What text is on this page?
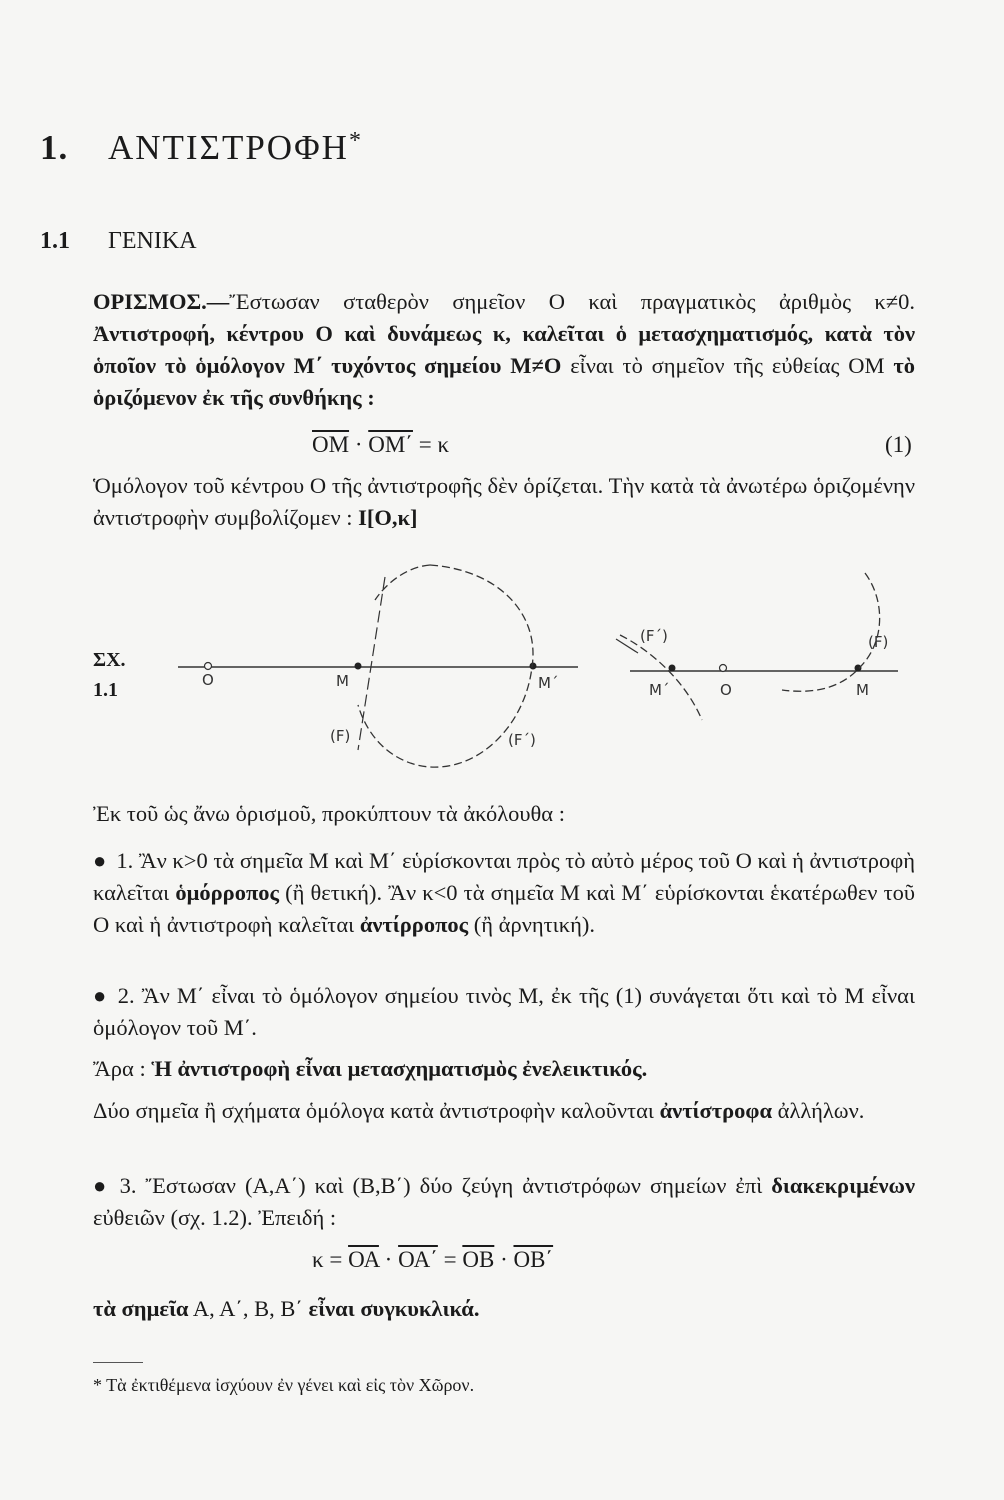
1. ΑΝΤΙΣΤΡΟΦΗ *
1.1 ΓΕΝΙΚΑ

ΟΡΙΣΜΟΣ.—Ἔστωσαν σταθερὸν σημεῖον Ο καὶ πραγματικὸς ἀριθμὸς κ≠0. Ἀντιστροφή, κέντρου Ο καὶ δυνάμεως κ, καλεῖται ὁ μετασχηματισμός, κατὰ τὸν ὁποῖον τὸ ὁμόλογον Μ΄ τυχόντος σημείου Μ≠Ο εἶναι τὸ σημεῖον τῆς εὐθείας ΟΜ τὸ ὁριζόμενον ἐκ τῆς συνθήκης :

$\overline{OM} \cdot \overline{OM΄} = \kappa$	(1)

Ὁμόλογον τοῦ κέντρου Ο τῆς ἀντιστροφῆς δὲν ὁρίζεται. Τὴν κατὰ τὰ ἀνωτέρω ὁριζομένην ἀντιστροφὴν συμβολίζομεν : I[Ο,κ]

ΣΧ.
1.1	O	M	M΄
(F)	(F΄)
(F΄)	(F)
M΄	O	M

Ἐκ τοῦ ὡς ἄνω ὁρισμοῦ, προκύπτουν τὰ ἀκόλουθα :

● 1. Ἂν κ>0 τὰ σημεῖα Μ καὶ Μ΄ εὑρίσκονται πρὸς τὸ αὐτὸ μέρος τοῦ Ο καὶ ἡ ἀντιστροφὴ καλεῖται ὁμόρροπος (ἢ θετική). Ἂν κ<0 τὰ σημεῖα Μ καὶ Μ΄ εὑρίσκονται ἑκατέρωθεν τοῦ Ο καὶ ἡ ἀντιστροφὴ καλεῖται ἀντίρροπος (ἢ ἀρνητική).

● 2. Ἂν Μ΄ εἶναι τὸ ὁμόλογον σημείου τινὸς Μ, ἐκ τῆς (1) συνάγεται ὅτι καὶ τὸ Μ εἶναι ὁμόλογον τοῦ Μ΄.

Ἄρα : Ἡ ἀντιστροφὴ εἶναι μετασχηματισμὸς ἐνελεικτικός.

Δύο σημεῖα ἢ σχήματα ὁμόλογα κατὰ ἀντιστροφὴν καλοῦνται ἀντίστροφα ἀλλήλων.

● 3. Ἔστωσαν (Α,Α΄) καὶ (Β,Β΄) δύο ζεύγη ἀντιστρόφων σημείων ἐπὶ διακεκριμένων εὐθειῶν (σχ. 1.2). Ἐπειδή :

$\kappa = \overline{OA} \cdot \overline{OA΄} = \overline{OB} \cdot \overline{OB΄}$

τὰ σημεῖα Α, Α΄, Β, Β΄ εἶναι συγκυκλικά.

* Τὰ ἐκτιθέμενα ἰσχύουν ἐν γένει καὶ εἰς τὸν Χῶρον.
